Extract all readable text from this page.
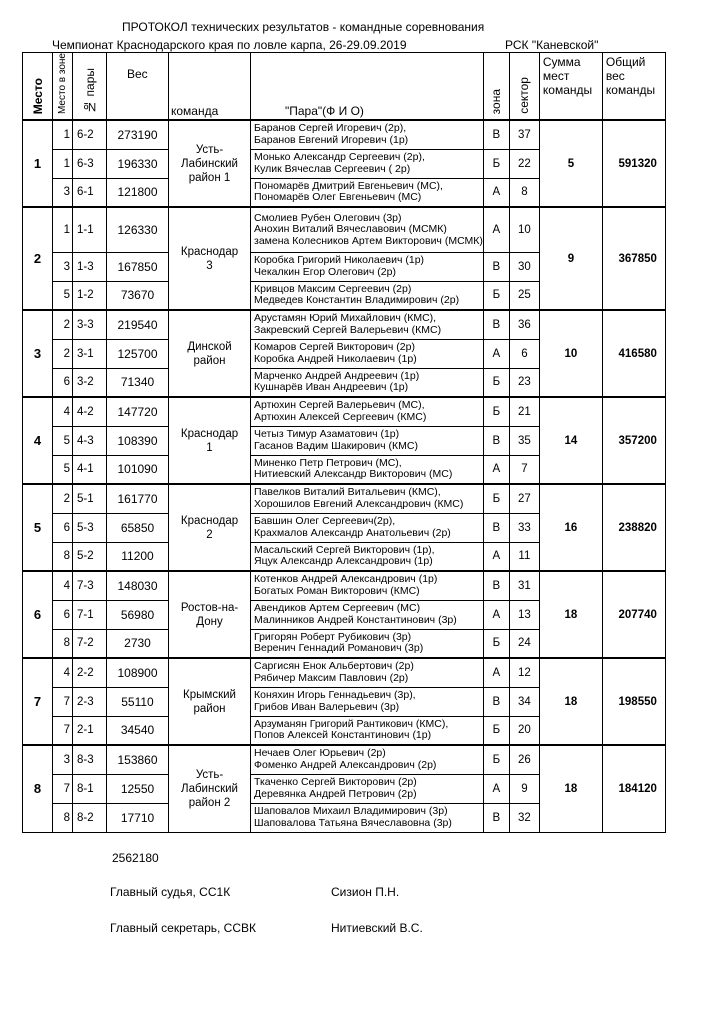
ПРОТОКОЛ технических результатов - командные соревнования
Чемпионат Краснодарского края по ловле карпа, 26-29.09.2019	РСК "Каневской"
Место	Место в зоне	№ пары	Вес	команда	"Пара"(Ф И О)	зона	сектор	Сумма мест команды	Общий вес команды
1	1	6-2	273190	Усть-Лабинский район 1	Баранов Сергей Игоревич (2р),
Баранов Евгений Игоревич (1р)	В	37	5	591320
	1	6-3	196330		Монько Александр Сергеевич (2р),
Кулик Вячеслав Сергеевич ( 2р)	Б	22		
	3	6-1	121800		Пономарёв Дмитрий Евгеньевич (МС),
Пономарёв Олег Евгеньевич (МС)	А	8		
2	1	1-1	126330	Краснодар 3	Смолиев Рубен Олегович (3р)
Анохин Виталий Вячеславович (МСМК)
замена Колесников Артем Викторович (МСМК)	А	10	9	367850
	3	1-3	167850		Коробка Григорий Николаевич (1р)
Чекалкин Егор Олегович (2р)	В	30		
	5	1-2	73670		Кривцов Максим Сергеевич (2р)
Медведев Константин Владимирович (2р)	Б	25		
3	2	3-3	219540	Динской район	Арустамян Юрий Михайлович (КМС),
Закревский Сергей Валерьевич (КМС)	В	36	10	416580
	2	3-1	125700		Комаров Сергей Викторович (2р)
Коробка Андрей Николаевич (1р)	А	6		
	6	3-2	71340		Марченко Андрей Андреевич (1р)
Кушнарёв Иван Андреевич (1р)	Б	23		
4	4	4-2	147720	Краснодар 1	Артюхин Сергей Валерьевич (МС),
Артюхин Алексей Сергеевич (КМС)	Б	21	14	357200
	5	4-3	108390		Четыз Тимур Азаматович (1р)
Гасанов Вадим Шакирович (КМС)	В	35		
	5	4-1	101090		Миненко Петр Петрович (МС),
Нитиевский Александр Викторович (МС)	А	7		
5	2	5-1	161770	Краснодар 2	Павелков Виталий Витальевич (КМС),
Хорошилов Евгений Александрович (КМС)	Б	27	16	238820
	6	5-3	65850		Бавшин Олег Сергеевич(2р),
Крахмалов Александр Анатольевич (2р)	В	33		
	8	5-2	11200		Масальский Сергей Викторович (1р),
Яцук Александр Александрович (1р)	А	11		
6	4	7-3	148030	Ростов-на-Дону	Котенков Андрей Александрович (1р)
Богатых Роман Викторович (КМС)	В	31	18	207740
	6	7-1	56980		Авендиков Артем Сергеевич (МС)
Малинников Андрей Константинович (3р)	А	13		
	8	7-2	2730		Григорян Роберт Рубикович (3р)
Веренич Геннадий Романович (3р)	Б	24		
7	4	2-2	108900	Крымский район	Саргисян Енок Альбертович (2р)
Рябичер Максим Павлович (2р)	А	12	18	198550
	7	2-3	55110		Коняхин Игорь Геннадьевич (3р),
Грибов Иван Валерьевич (3р)	В	34		
	7	2-1	34540		Арзуманян Григорий Рантикович (КМС),
Попов Алексей Константинович (1р)	Б	20		
8	3	8-3	153860	Усть-Лабинский район 2	Нечаев Олег Юрьевич (2р)
Фоменко Андрей Александрович (2р)	Б	26	18	184120
	7	8-1	12550		Ткаченко Сергей Викторович (2р)
Деревянка Андрей Петрович (2р)	А	9		
	8	8-2	17710		Шаповалов Михаил Владимирович (3р)
Шаповалова Татьяна Вячеславовна (3р)	В	32		
2562180
Главный судья, СС1К	Сизион П.Н.
Главный секретарь, ССВК	Нитиевский В.С.
